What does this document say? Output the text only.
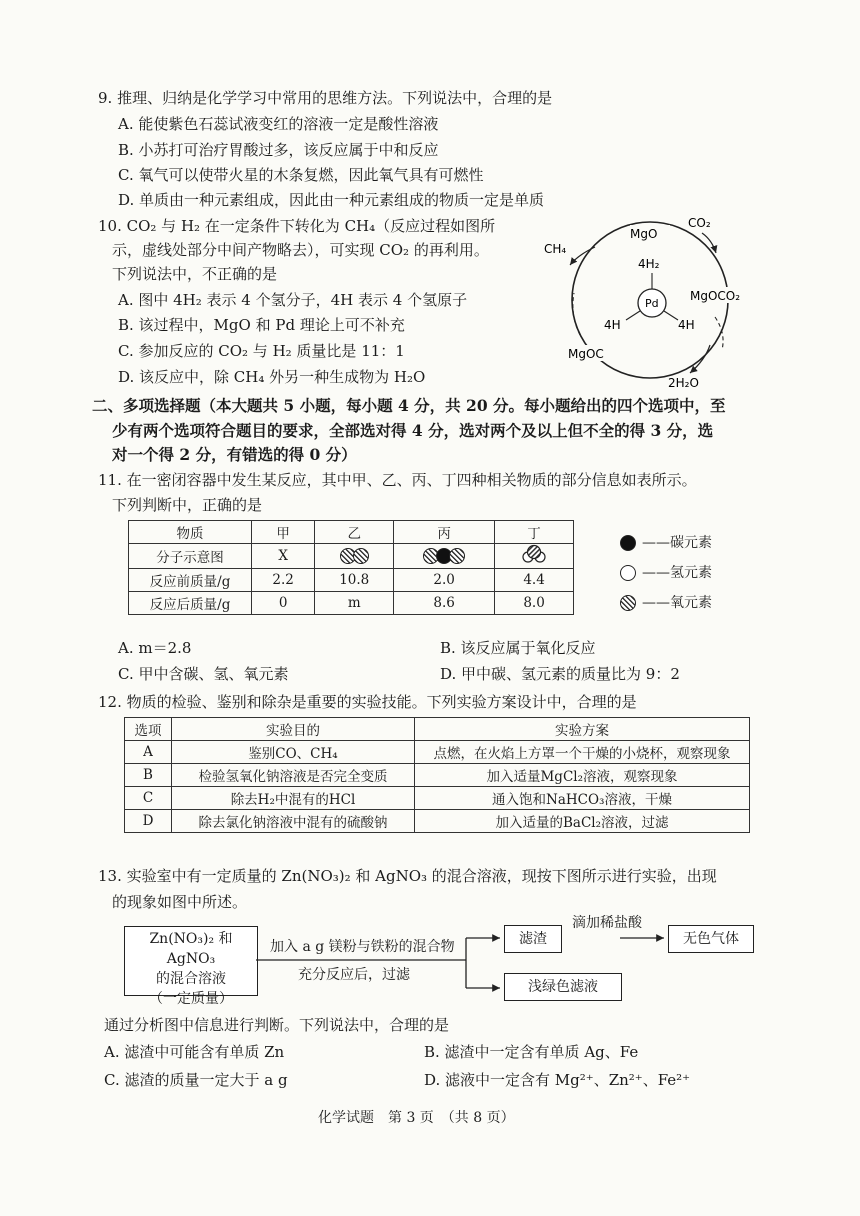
9. 推理、归纳是化学学习中常用的思维方法。下列说法中，合理的是
A. 能使紫色石蕊试液变红的溶液一定是酸性溶液
B. 小苏打可治疗胃酸过多，该反应属于中和反应
C. 氧气可以使带火星的木条复燃，因此氧气具有可燃性
D. 单质由一种元素组成，因此由一种元素组成的物质一定是单质
10. CO₂ 与 H₂ 在一定条件下转化为 CH₄（反应过程如图所
示，虚线处部分中间产物略去），可实现 CO₂ 的再利用。
下列说法中，不正确的是
A. 图中 4H₂ 表示 4 个氢分子，4H 表示 4 个氢原子
B. 该过程中，MgO 和 Pd 理论上可不补充
C. 参加反应的 CO₂ 与 H₂ 质量比是 11：1
D. 该反应中，除 CH₄ 外另一种生成物为 H₂O
MgO
CO₂
CH₄
4H₂
Pd
MgOCO₂
4H	4H
MgOC
2H₂O
二、多项选择题（本大题共 5 小题，每小题 4 分，共 20 分。每小题给出的四个选项中，至
少有两个选项符合题目的要求，全部选对得 4 分，选对两个及以上但不全的得 3 分，选
对一个得 2 分，有错选的得 0 分）
11. 在一密闭容器中发生某反应，其中甲、乙、丙、丁四种相关物质的部分信息如表所示。
下列判断中，正确的是
物质	甲	乙	丙	丁
分子示意图	X			
反应前质量/g	2.2	10.8	2.0	4.4
反应后质量/g	0	m	8.6	8.0
——碳元素
——氢元素
——氧元素
A. m＝2.8	B. 该反应属于氧化反应
C. 甲中含碳、氢、氧元素	D. 甲中碳、氢元素的质量比为 9：2
12. 物质的检验、鉴别和除杂是重要的实验技能。下列实验方案设计中，合理的是
选项	实验目的	实验方案
A	鉴别CO、CH₄	点燃，在火焰上方罩一个干燥的小烧杯，观察现象
B	检验氢氧化钠溶液是否完全变质	加入适量MgCl₂溶液，观察现象
C	除去H₂中混有的HCl	通入饱和NaHCO₃溶液，干燥
D	除去氯化钠溶液中混有的硫酸钠	加入适量的BaCl₂溶液，过滤
13. 实验室中有一定质量的 Zn(NO₃)₂ 和 AgNO₃ 的混合溶液，现按下图所示进行实验，出现
的现象如图中所述。
Zn(NO₃)₂ 和 AgNO₃
的混合溶液
（一定质量）
加入 a g 镁粉与铁粉的混合物
充分反应后，过滤
滤渣
滴加稀盐酸
无色气体
浅绿色滤液
通过分析图中信息进行判断。下列说法中，合理的是
A. 滤渣中可能含有单质 Zn	B. 滤渣中一定含有单质 Ag、Fe
C. 滤渣的质量一定大于 a g	D. 滤液中一定含有 Mg²⁺、Zn²⁺、Fe²⁺
化学试题　第 3 页　（共 8 页）
